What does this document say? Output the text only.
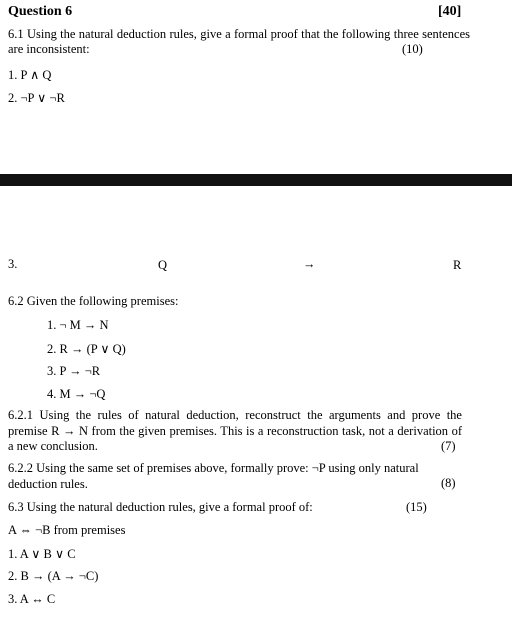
Question 6	[40]
6.1 Using the natural deduction rules, give a formal proof that the following three sentences are inconsistent:	(10)
1. P ∧ Q
2. ¬P ∨ ¬R
3.	Q	→	R
6.2 Given the following premises:
1. ¬ M → N
2. R → (P ∨ Q)
3. P → ¬R
4. M → ¬Q
6.2.1 Using the rules of natural deduction, reconstruct the arguments and prove the premise R → N from the given premises. This is a reconstruction task, not a derivation of a new conclusion.	(7)
6.2.2 Using the same set of premises above, formally prove: ¬P using only natural deduction rules.	(8)
6.3 Using the natural deduction rules, give a formal proof of:	(15)
A ⇔ ¬B from premises
1. A ∨ B ∨ C
2. B → (A → ¬C)
3. A ↔ C
